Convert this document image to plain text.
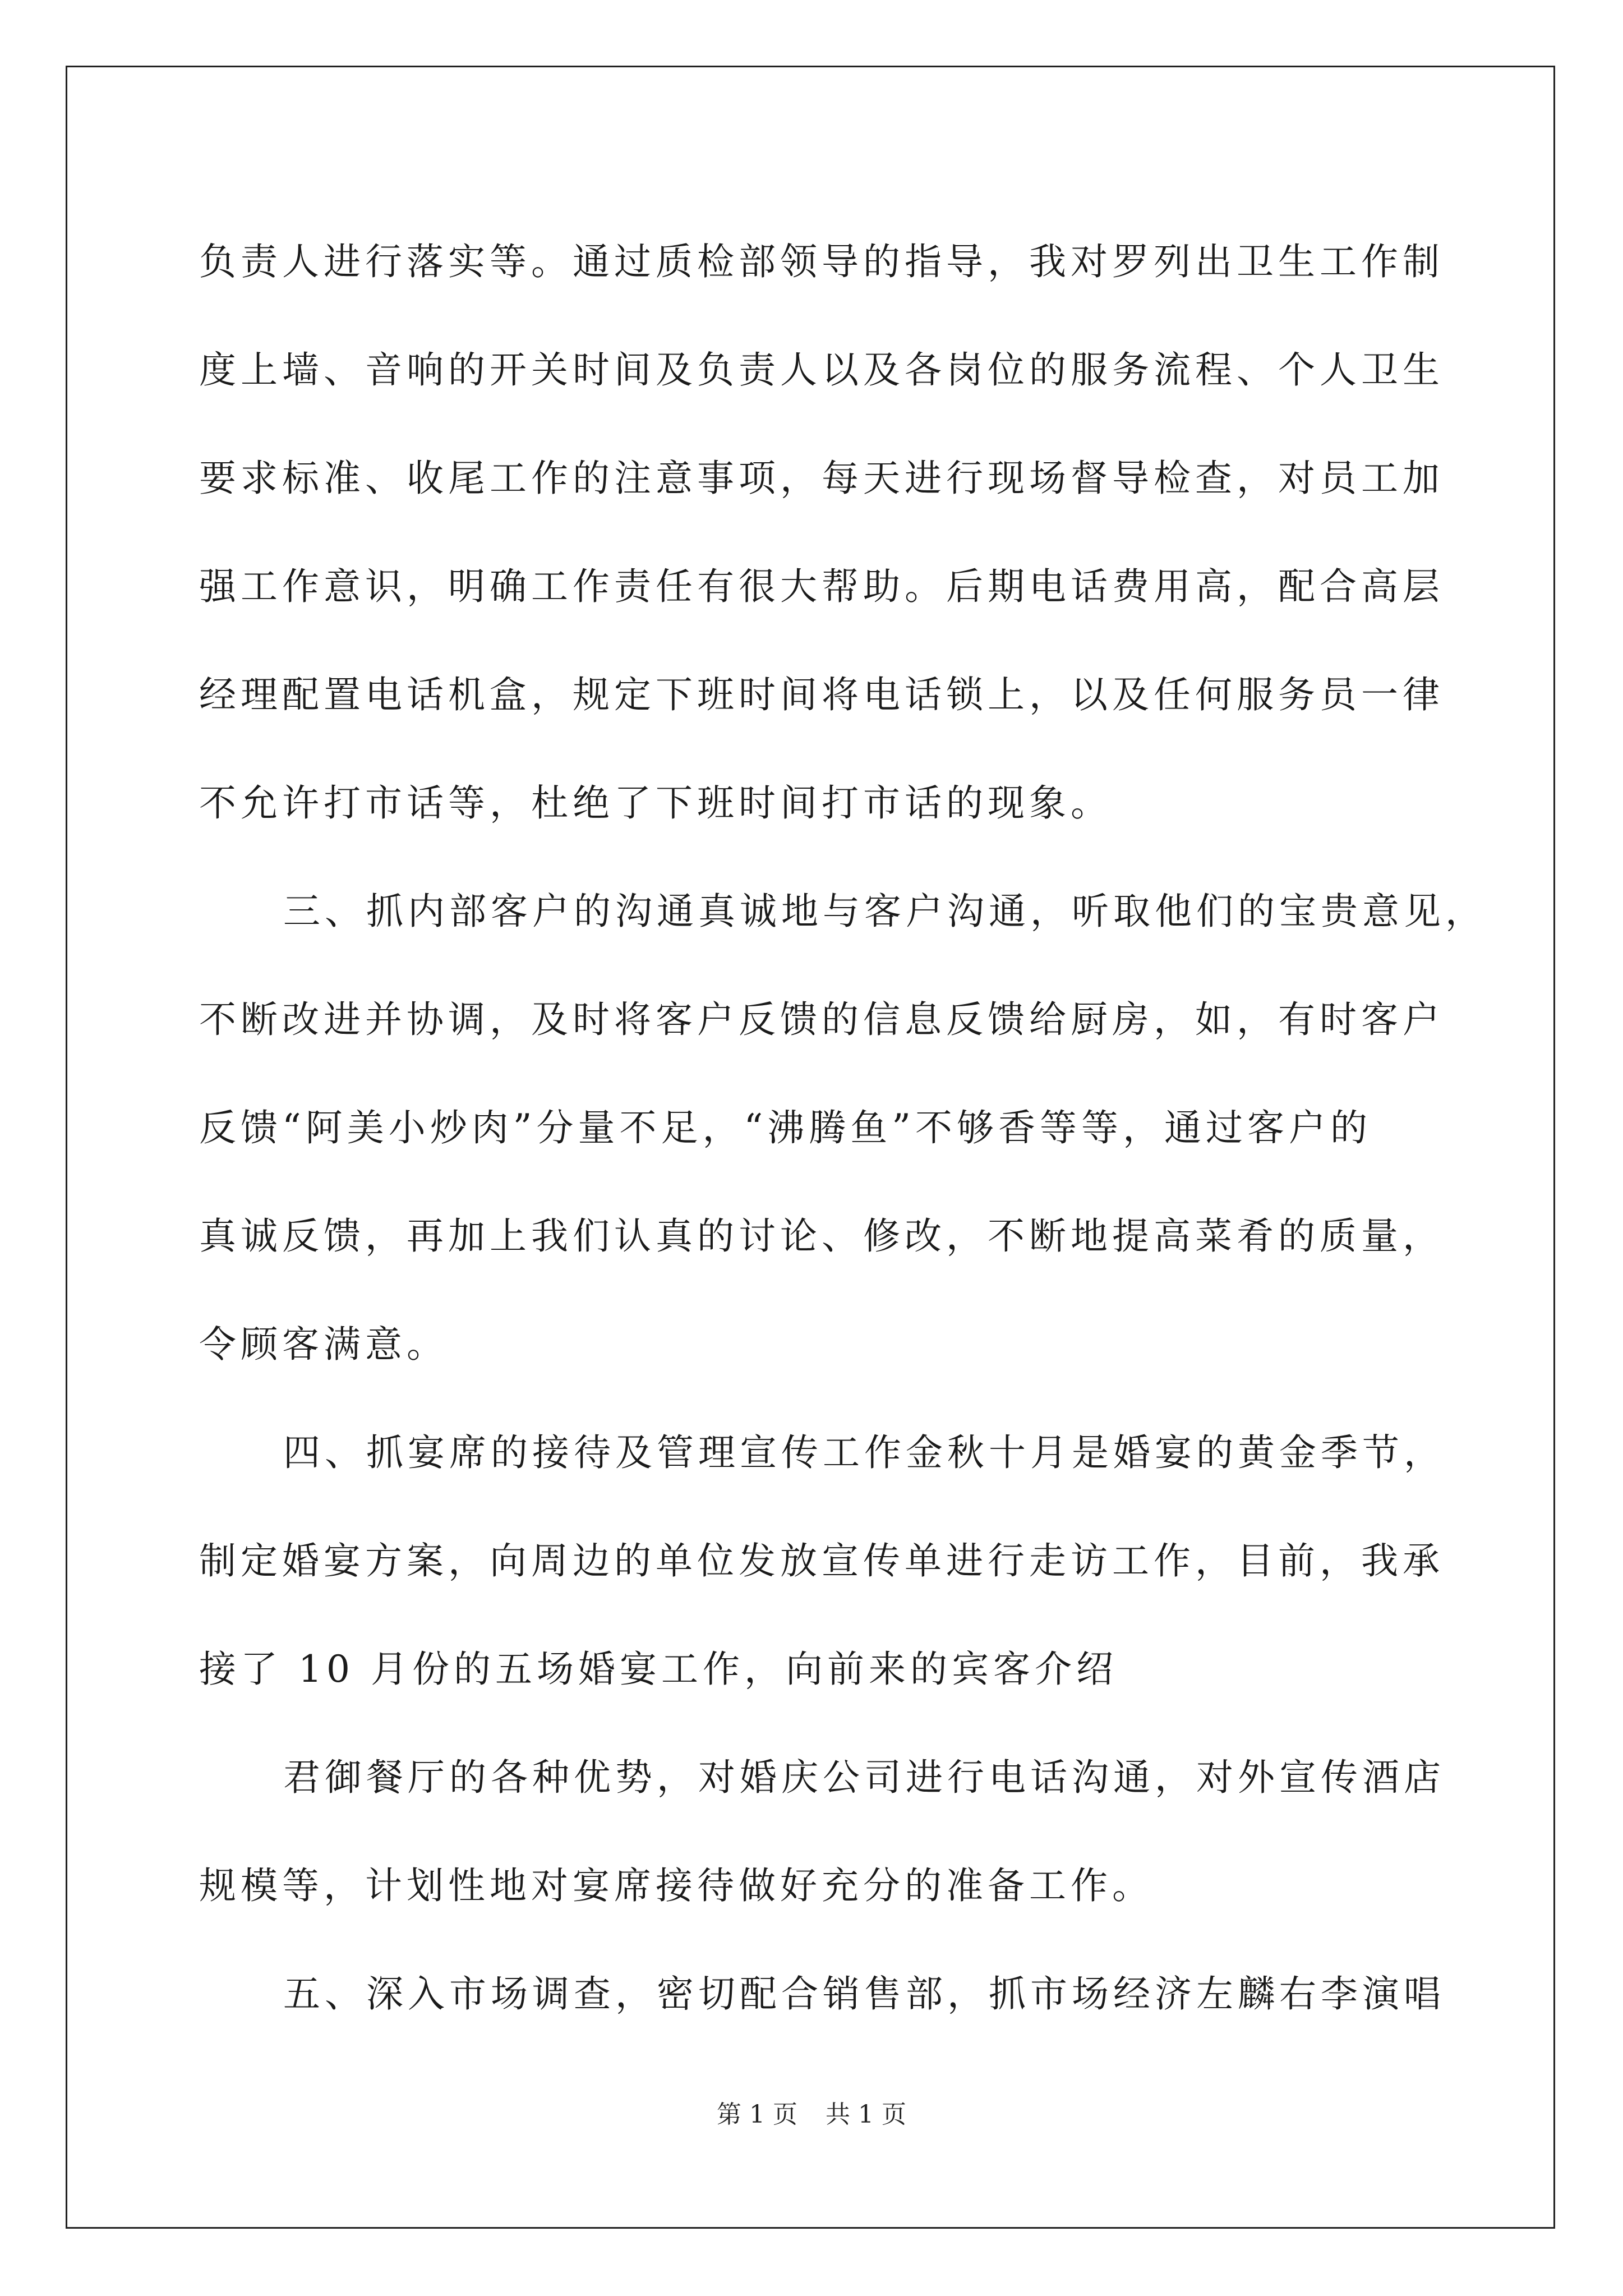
负责人进行落实等。通过质检部领导的指导，我对罗列出卫生工作制
度上墙、音响的开关时间及负责人以及各岗位的服务流程、个人卫生
要求标准、收尾工作的注意事项，每天进行现场督导检查，对员工加
强工作意识，明确工作责任有很大帮助。后期电话费用高，配合高层
经理配置电话机盒，规定下班时间将电话锁上，以及任何服务员一律
不允许打市话等，杜绝了下班时间打市话的现象。
三、抓内部客户的沟通真诚地与客户沟通，听取他们的宝贵意见，
不断改进并协调，及时将客户反馈的信息反馈给厨房，如，有时客户
反馈“阿美小炒肉”分量不足，“沸腾鱼”不够香等等，通过客户的
真诚反馈，再加上我们认真的讨论、修改，不断地提高菜肴的质量，
令顾客满意。
四、抓宴席的接待及管理宣传工作金秋十月是婚宴的黄金季节，
制定婚宴方案，向周边的单位发放宣传单进行走访工作，目前，我承
接了 10 月份的五场婚宴工作，向前来的宾客介绍
君御餐厅的各种优势，对婚庆公司进行电话沟通，对外宣传酒店
规模等，计划性地对宴席接待做好充分的准备工作。
五、深入市场调查，密切配合销售部，抓市场经济左麟右李演唱
第 1 页 共 1 页
